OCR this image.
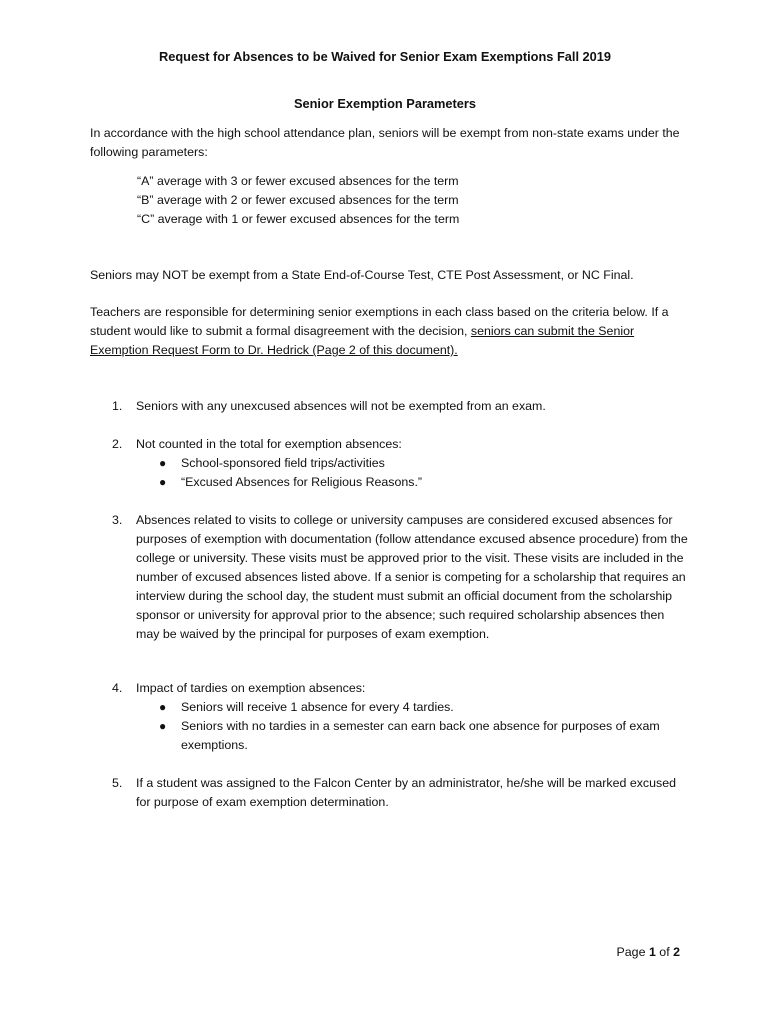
Request for Absences to be Waived for Senior Exam Exemptions Fall 2019
Senior Exemption Parameters

In accordance with the high school attendance plan, seniors will be exempt from non-state exams under the following parameters:

“A” average with 3 or fewer excused absences for the term
“B” average with 2 or fewer excused absences for the term
“C” average with 1 or fewer excused absences for the term

Seniors may NOT be exempt from a State End-of-Course Test, CTE Post Assessment, or NC Final.

Teachers are responsible for determining senior exemptions in each class based on the criteria below. If a student would like to submit a formal disagreement with the decision, seniors can submit the Senior Exemption Request Form to Dr. Hedrick (Page 2 of this document).

1. Seniors with any unexcused absences will not be exempted from an exam.
2. Not counted in the total for exemption absences:
● School-sponsored field trips/activities
● “Excused Absences for Religious Reasons.”
3. Absences related to visits to college or university campuses are considered excused absences for purposes of exemption with documentation (follow attendance excused absence procedure) from the college or university. These visits must be approved prior to the visit. These visits are included in the number of excused absences listed above. If a senior is competing for a scholarship that requires an interview during the school day, the student must submit an official document from the scholarship sponsor or university for approval prior to the absence; such required scholarship absences then may be waived by the principal for purposes of exam exemption.
4. Impact of tardies on exemption absences:
● Seniors will receive 1 absence for every 4 tardies.
● Seniors with no tardies in a semester can earn back one absence for purposes of exam exemptions.
5. If a student was assigned to the Falcon Center by an administrator, he/she will be marked excused for purpose of exam exemption determination.
Page 1 of 2
